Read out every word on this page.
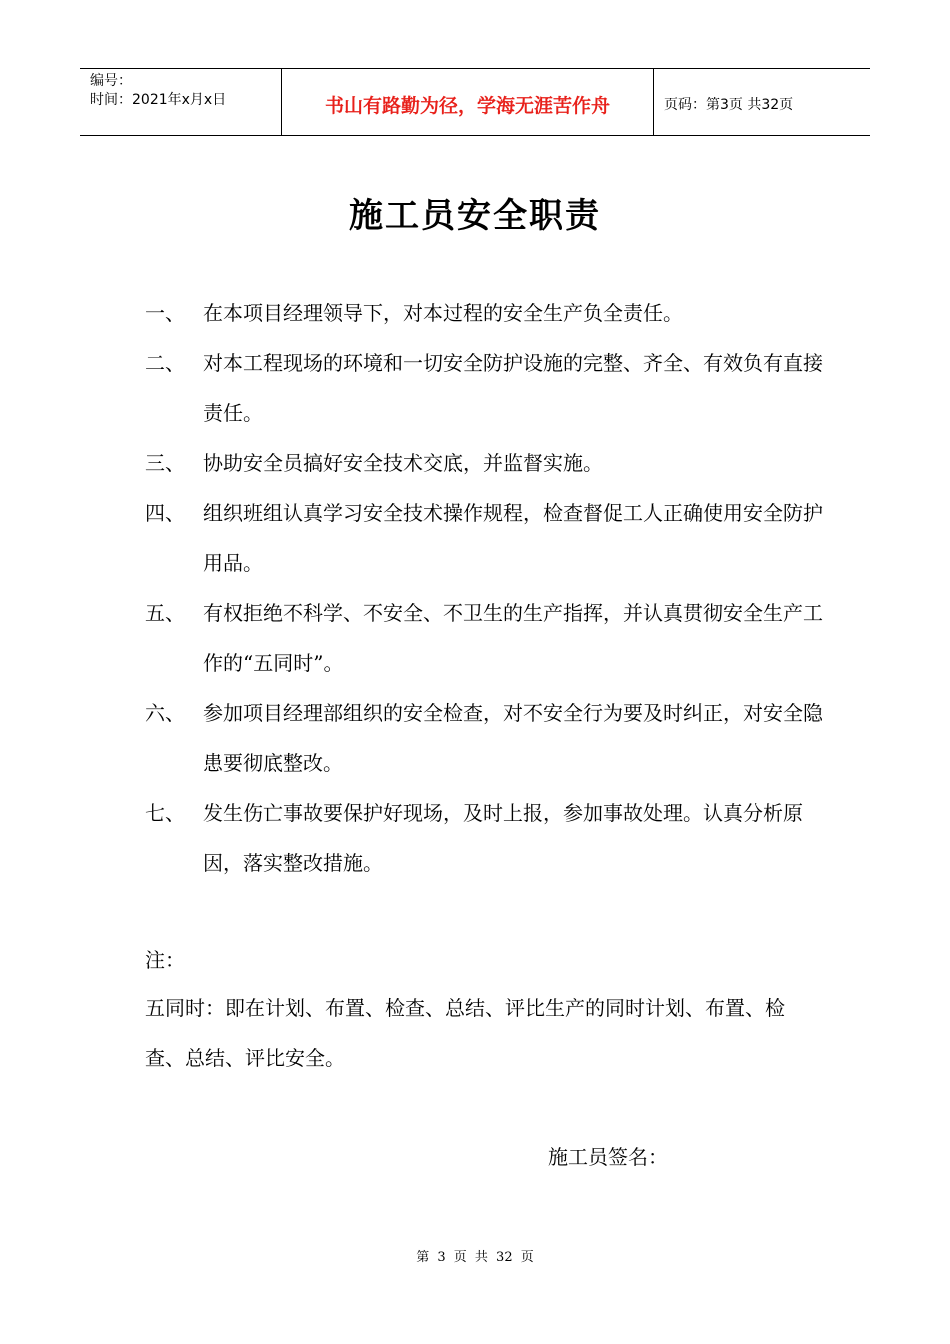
编号：
时间：2021年x月x日	书山有路勤为径，学海无涯苦作舟	页码：第3页 共32页
施工员安全职责
一、 在本项目经理领导下，对本过程的安全生产负全责任。
二、 对本工程现场的环境和一切安全防护设施的完整、齐全、有效负有直接责任。
三、 协助安全员搞好安全技术交底，并监督实施。
四、 组织班组认真学习安全技术操作规程，检查督促工人正确使用安全防护用品。
五、 有权拒绝不科学、不安全、不卫生的生产指挥，并认真贯彻安全生产工作的“五同时”。
六、 参加项目经理部组织的安全检查，对不安全行为要及时纠正，对安全隐患要彻底整改。
七、 发生伤亡事故要保护好现场，及时上报，参加事故处理。认真分析原因，落实整改措施。
注：
五同时：即在计划、布置、检查、总结、评比生产的同时计划、布置、检查、总结、评比安全。
施工员签名：
第 3 页 共 32 页
